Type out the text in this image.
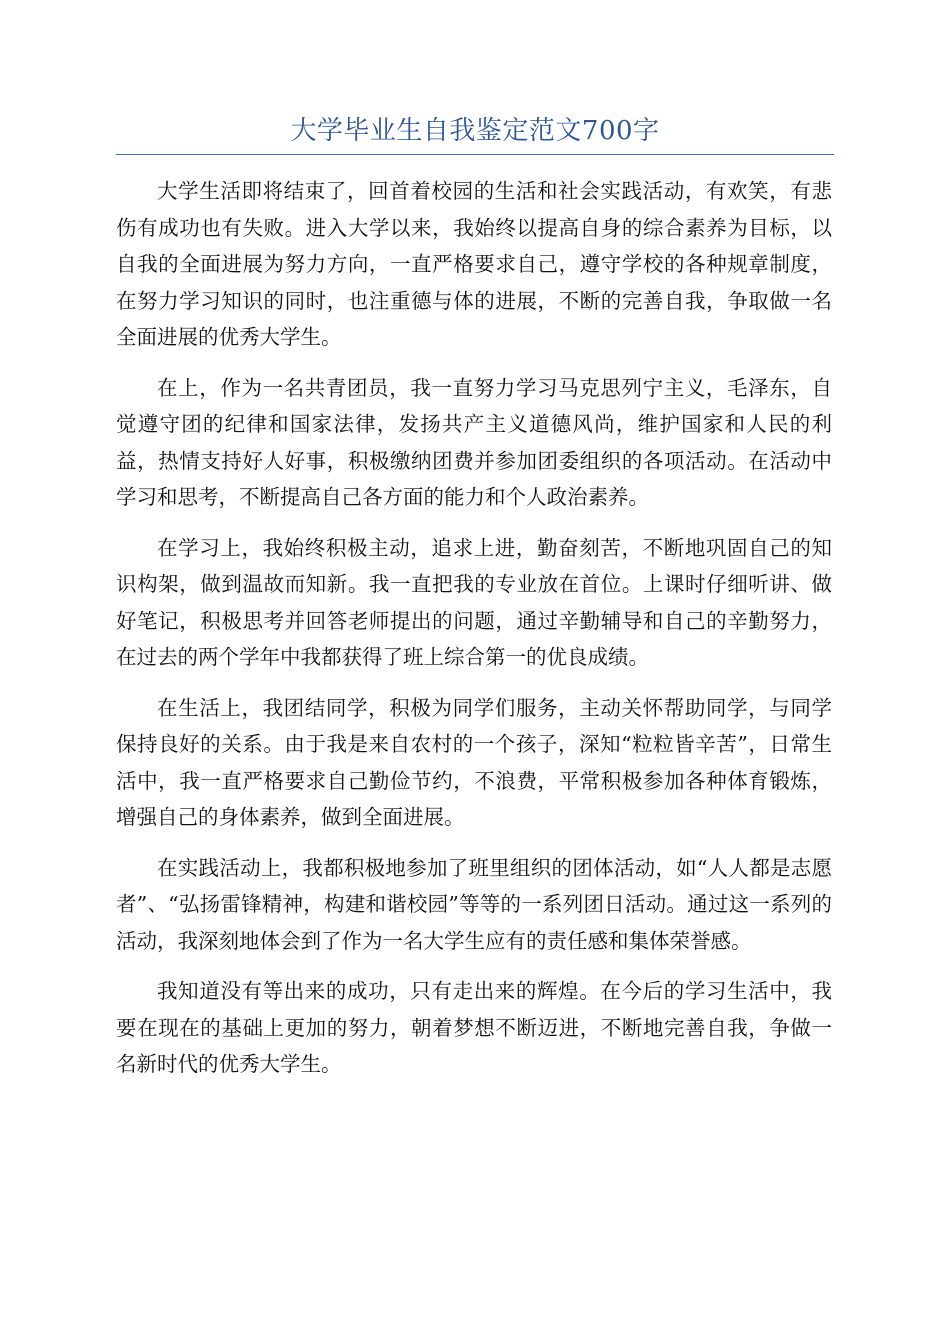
大学毕业生自我鉴定范文700字

大学生活即将结束了，回首着校园的生活和社会实践活动，有欢笑，有悲伤有成功也有失败。进入大学以来，我始终以提高自身的综合素养为目标，以自我的全面进展为努力方向，一直严格要求自己，遵守学校的各种规章制度，在努力学习知识的同时，也注重德与体的进展，不断的完善自我，争取做一名全面进展的优秀大学生。

在上，作为一名共青团员，我一直努力学习马克思列宁主义，毛泽东，自觉遵守团的纪律和国家法律，发扬共产主义道德风尚，维护国家和人民的利益，热情支持好人好事，积极缴纳团费并参加团委组织的各项活动。在活动中学习和思考，不断提高自己各方面的能力和个人政治素养。

在学习上，我始终积极主动，追求上进，勤奋刻苦，不断地巩固自己的知识构架，做到温故而知新。我一直把我的专业放在首位。上课时仔细听讲、做好笔记，积极思考并回答老师提出的问题，通过辛勤辅导和自己的辛勤努力，在过去的两个学年中我都获得了班上综合第一的优良成绩。

在生活上，我团结同学，积极为同学们服务，主动关怀帮助同学，与同学保持良好的关系。由于我是来自农村的一个孩子，深知“粒粒皆辛苦”，日常生活中，我一直严格要求自己勤俭节约，不浪费，平常积极参加各种体育锻炼，增强自己的身体素养，做到全面进展。

在实践活动上，我都积极地参加了班里组织的团体活动，如“人人都是志愿者”、“弘扬雷锋精神，构建和谐校园”等等的一系列团日活动。通过这一系列的活动，我深刻地体会到了作为一名大学生应有的责任感和集体荣誉感。

我知道没有等出来的成功，只有走出来的辉煌。在今后的学习生活中，我要在现在的基础上更加的努力，朝着梦想不断迈进，不断地完善自我，争做一名新时代的优秀大学生。
